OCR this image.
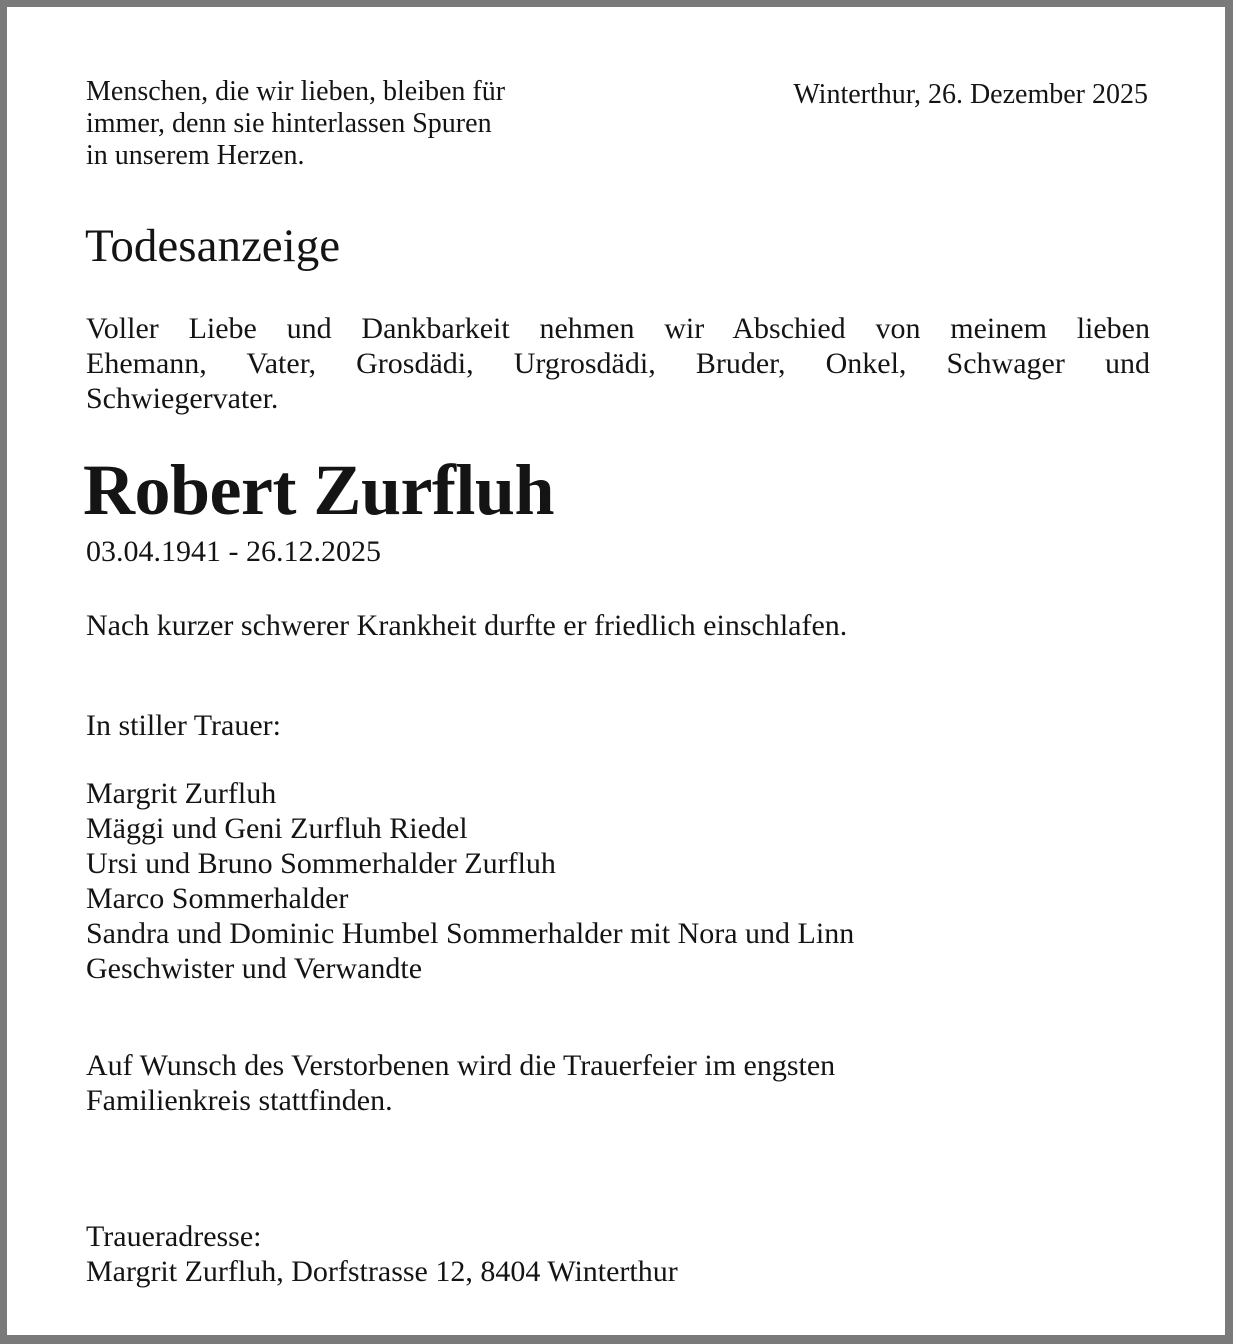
Menschen, die wir lieben, bleiben für
immer, denn sie hinterlassen Spuren
in unserem Herzen.
Winterthur, 26. Dezember 2025
Todesanzeige
Voller Liebe und Dankbarkeit nehmen wir Abschied von meinem lieben
Ehemann, Vater, Grosdädi, Urgrosdädi, Bruder, Onkel, Schwager und
Schwiegervater.
Robert Zurfluh
03.04.1941 - 26.12.2025
Nach kurzer schwerer Krankheit durfte er friedlich einschlafen.
In stiller Trauer:
Margrit Zurfluh
Mäggi und Geni Zurfluh Riedel
Ursi und Bruno Sommerhalder Zurfluh
Marco Sommerhalder
Sandra und Dominic Humbel Sommerhalder mit Nora und Linn
Geschwister und Verwandte
Auf Wunsch des Verstorbenen wird die Trauerfeier im engsten
Familienkreis stattfinden.
Traueradresse:
Margrit Zurfluh, Dorfstrasse 12, 8404 Winterthur
